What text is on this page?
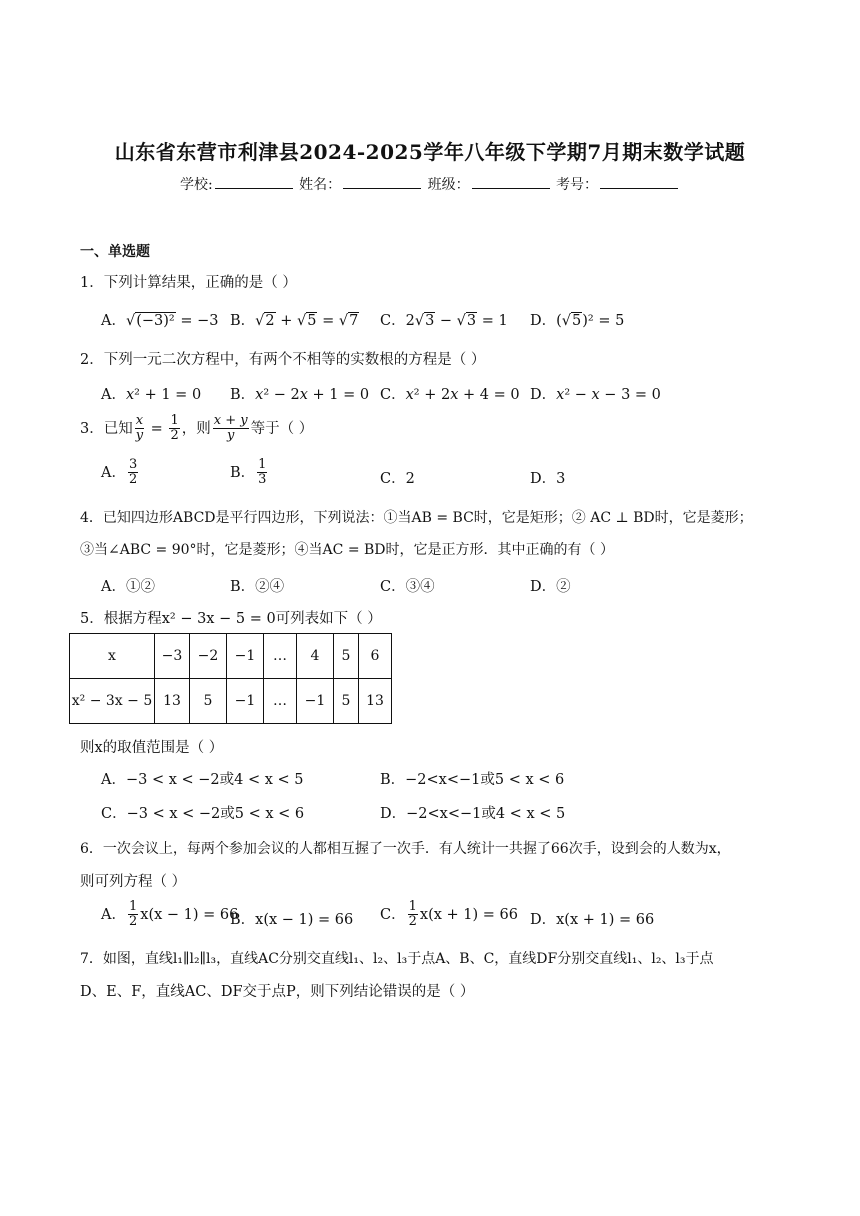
山东省东营市利津县2024-2025学年八年级下学期7月期末数学试题
学校:	姓名：	班级：	考号：
一、单选题
1．下列计算结果，正确的是（ ）
A．√(−3)² = −3 B．√2 + √5 = √7 C．2√3 − √3 = 1 D．(√5)² = 5
2．下列一元二次方程中，有两个不相等的实数根的方程是（ ）
A．x² + 1 = 0 B．x² − 2x + 1 = 0 C．x² + 2x + 4 = 0 D．x² − x − 3 = 0
3．已知 $\frac{x}{y} = \frac{1}{2}$ ，则 $\frac{x + y}{y}$ 等于（ ）
A． $\frac{3}{2}$	B． $\frac{1}{3}$	C．2	D．3
4．已知四边形ABCD是平行四边形，下列说法：①当AB = BC时，它是矩形；② AC ⊥ BD时，它是菱形；
③当∠ABC = 90°时，它是菱形；④当AC = BD时，它是正方形．其中正确的有（ ）
A．①②	B．②④	C．③④	D．②
5．根据方程x² − 3x − 5 = 0可列表如下（ ）
x	−3	−2	−1	…	4	5	6
x² − 3x − 5	13	5	−1	…	−1	5	13
则x的取值范围是（ ）
A．−3 < x < −2或4 < x < 5	B．−2<x<−1或5 < x < 6
C．−3 < x < −2或5 < x < 6	D．−2<x<−1或4 < x < 5
6．一次会议上，每两个参加会议的人都相互握了一次手．有人统计一共握了66次手，设到会的人数为x，
则可列方程（ ）
A． $\frac{1}{2} x(x - 1) = 66$
B．x(x − 1) = 66 C． $\frac{1}{2} x(x + 1) = 66$ D．x(x + 1) = 66
7．如图，直线l₁∥l₂∥l₃，直线AC分别交直线l₁、l₂、l₃于点A、B、C，直线DF分别交直线l₁、l₂、l₃于点
D、E、F，直线AC、DF交于点P，则下列结论错误的是（ ）
